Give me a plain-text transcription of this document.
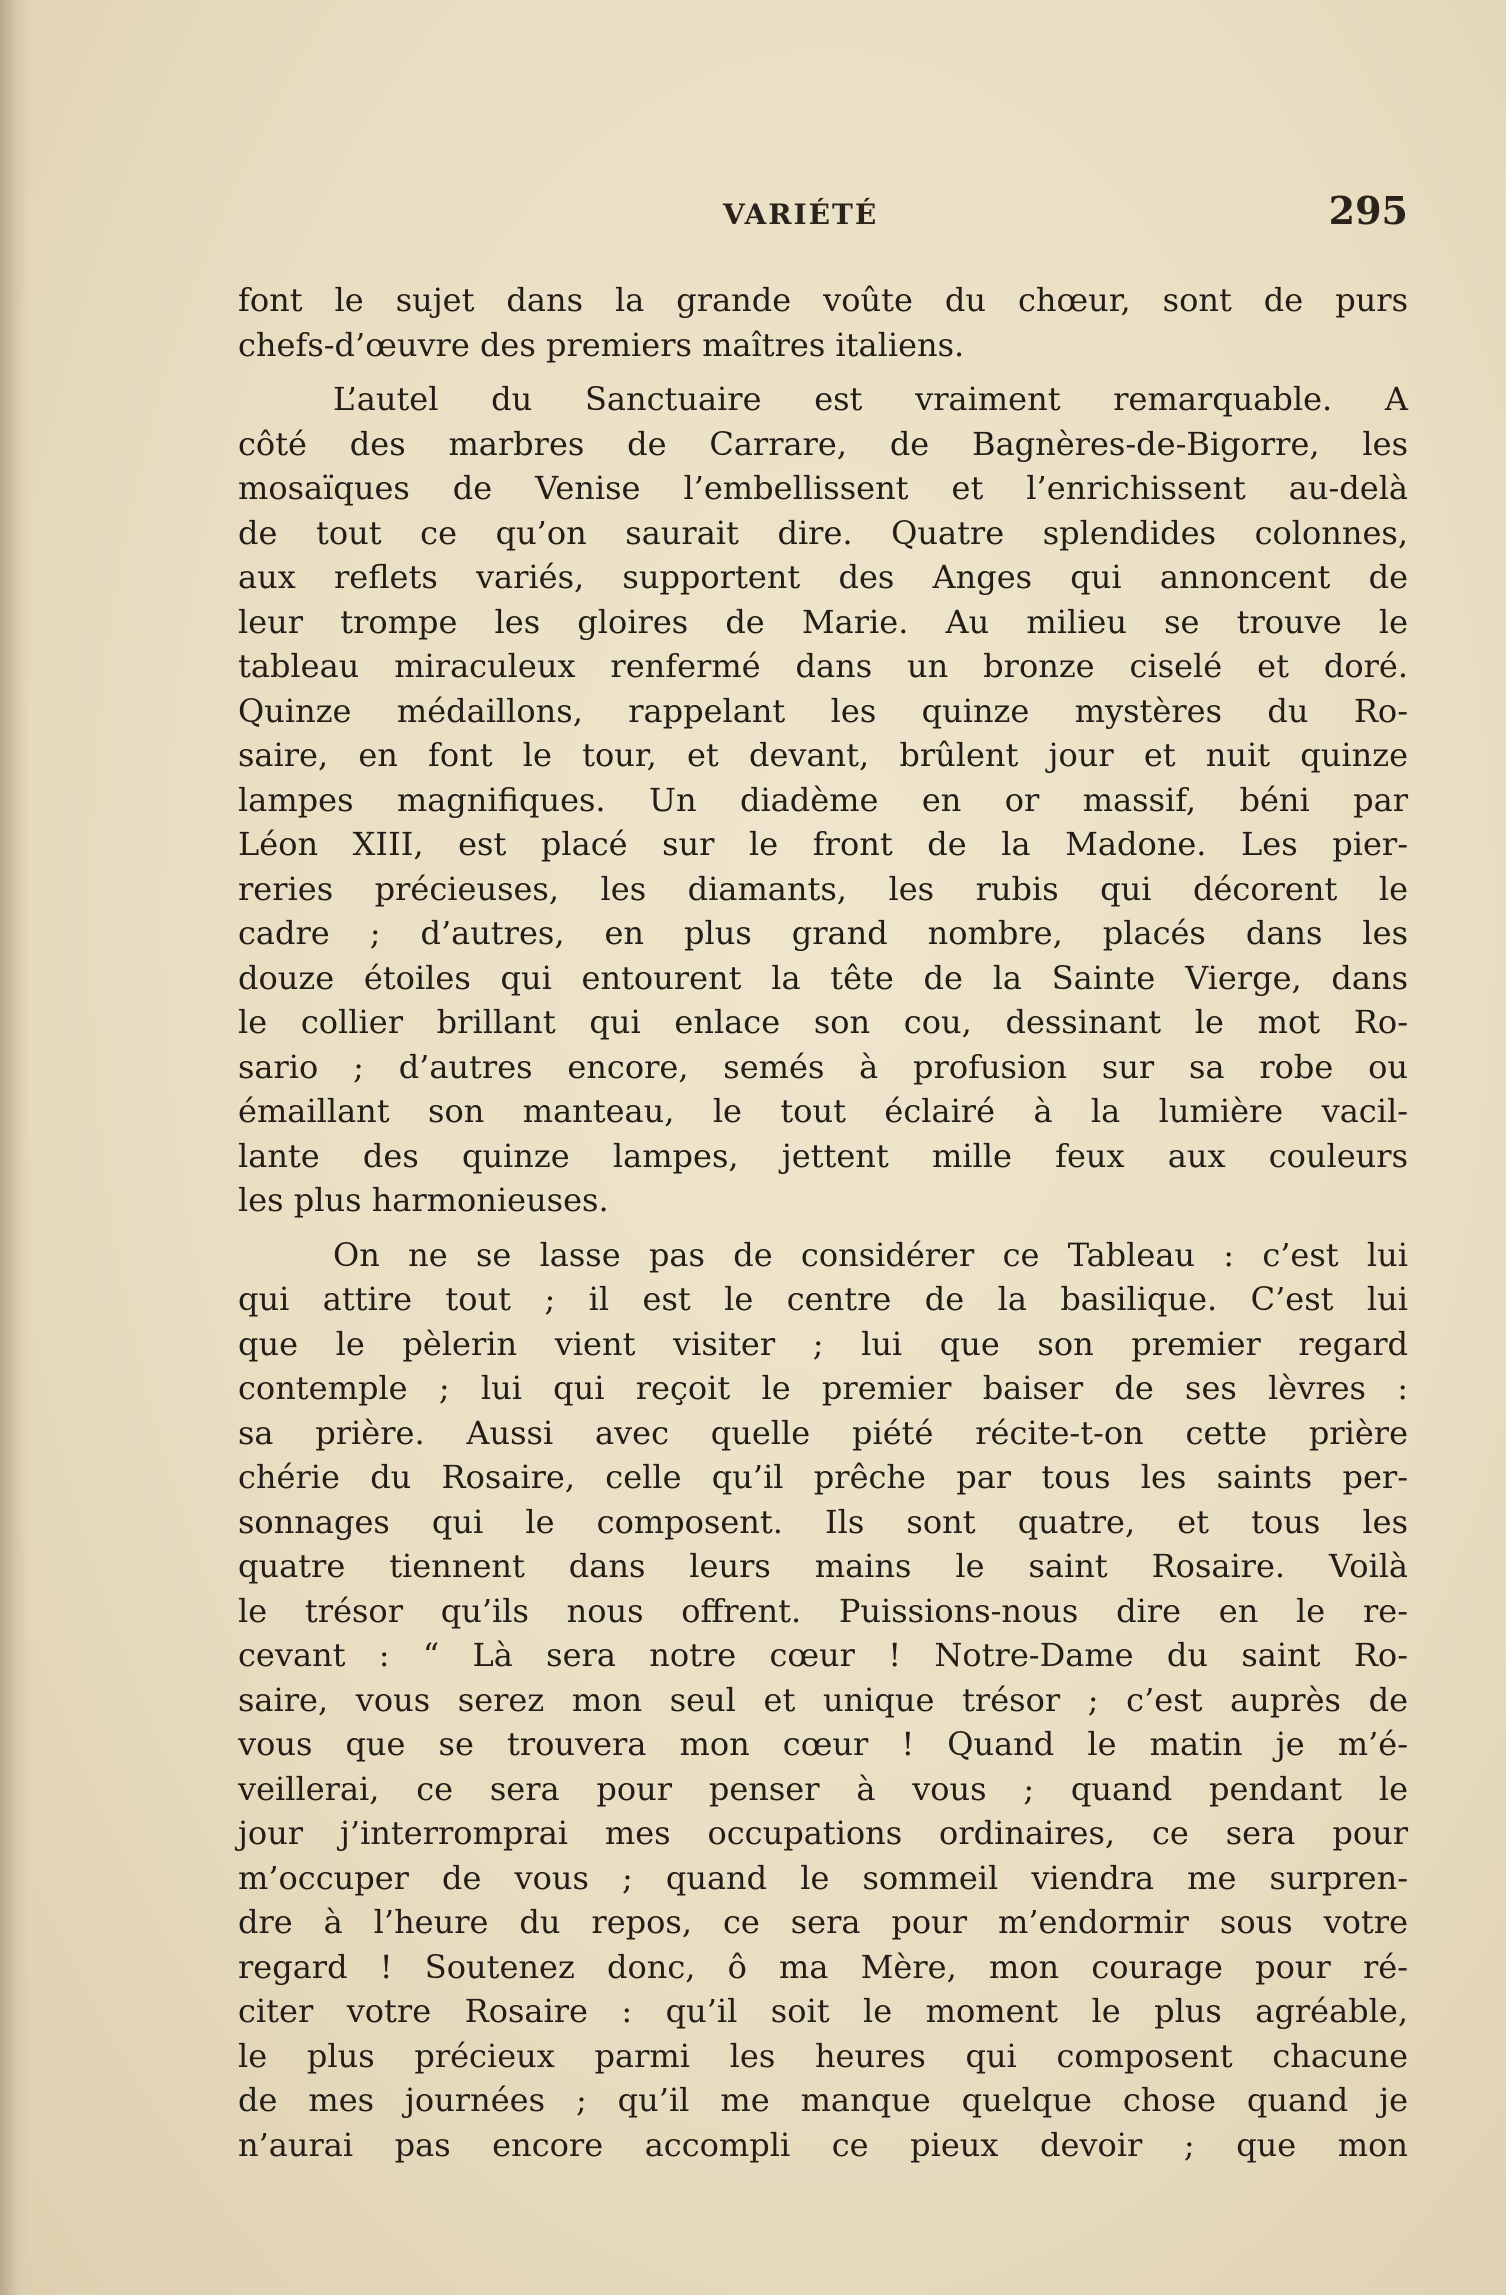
VARIÉTÉ	295
font le sujet dans la grande voûte du chœur, sont de purs
chefs-d’œuvre des premiers maîtres italiens.
L’autel du Sanctuaire est vraiment remarquable. A
côté des marbres de Carrare, de Bagnères-de-Bigorre, les
mosaïques de Venise l’embellissent et l’enrichissent au-delà
de tout ce qu’on saurait dire. Quatre splendides colonnes,
aux reflets variés, supportent des Anges qui annoncent de
leur trompe les gloires de Marie. Au milieu se trouve le
tableau miraculeux renfermé dans un bronze ciselé et doré.
Quinze médaillons, rappelant les quinze mystères du Ro-
saire, en font le tour, et devant, brûlent jour et nuit quinze
lampes magnifiques. Un diadème en or massif, béni par
Léon XIII, est placé sur le front de la Madone. Les pier-
reries précieuses, les diamants, les rubis qui décorent le
cadre ; d’autres, en plus grand nombre, placés dans les
douze étoiles qui entourent la tête de la Sainte Vierge, dans
le collier brillant qui enlace son cou, dessinant le mot Ro-
sario ; d’autres encore, semés à profusion sur sa robe ou
émaillant son manteau, le tout éclairé à la lumière vacil-
lante des quinze lampes, jettent mille feux aux couleurs
les plus harmonieuses.
On ne se lasse pas de considérer ce Tableau : c’est lui
qui attire tout ; il est le centre de la basilique. C’est lui
que le pèlerin vient visiter ; lui que son premier regard
contemple ; lui qui reçoit le premier baiser de ses lèvres :
sa prière. Aussi avec quelle piété récite-t-on cette prière
chérie du Rosaire, celle qu’il prêche par tous les saints per-
sonnages qui le composent. Ils sont quatre, et tous les
quatre tiennent dans leurs mains le saint Rosaire. Voilà
le trésor qu’ils nous offrent. Puissions-nous dire en le re-
cevant : “ Là sera notre cœur ! Notre-Dame du saint Ro-
saire, vous serez mon seul et unique trésor ; c’est auprès de
vous que se trouvera mon cœur ! Quand le matin je m’é-
veillerai, ce sera pour penser à vous ; quand pendant le
jour j’interromprai mes occupations ordinaires, ce sera pour
m’occuper de vous ; quand le sommeil viendra me surpren-
dre à l’heure du repos, ce sera pour m’endormir sous votre
regard ! Soutenez donc, ô ma Mère, mon courage pour ré-
citer votre Rosaire : qu’il soit le moment le plus agréable,
le plus précieux parmi les heures qui composent chacune
de mes journées ; qu’il me manque quelque chose quand je
n’aurai pas encore accompli ce pieux devoir ; que mon
